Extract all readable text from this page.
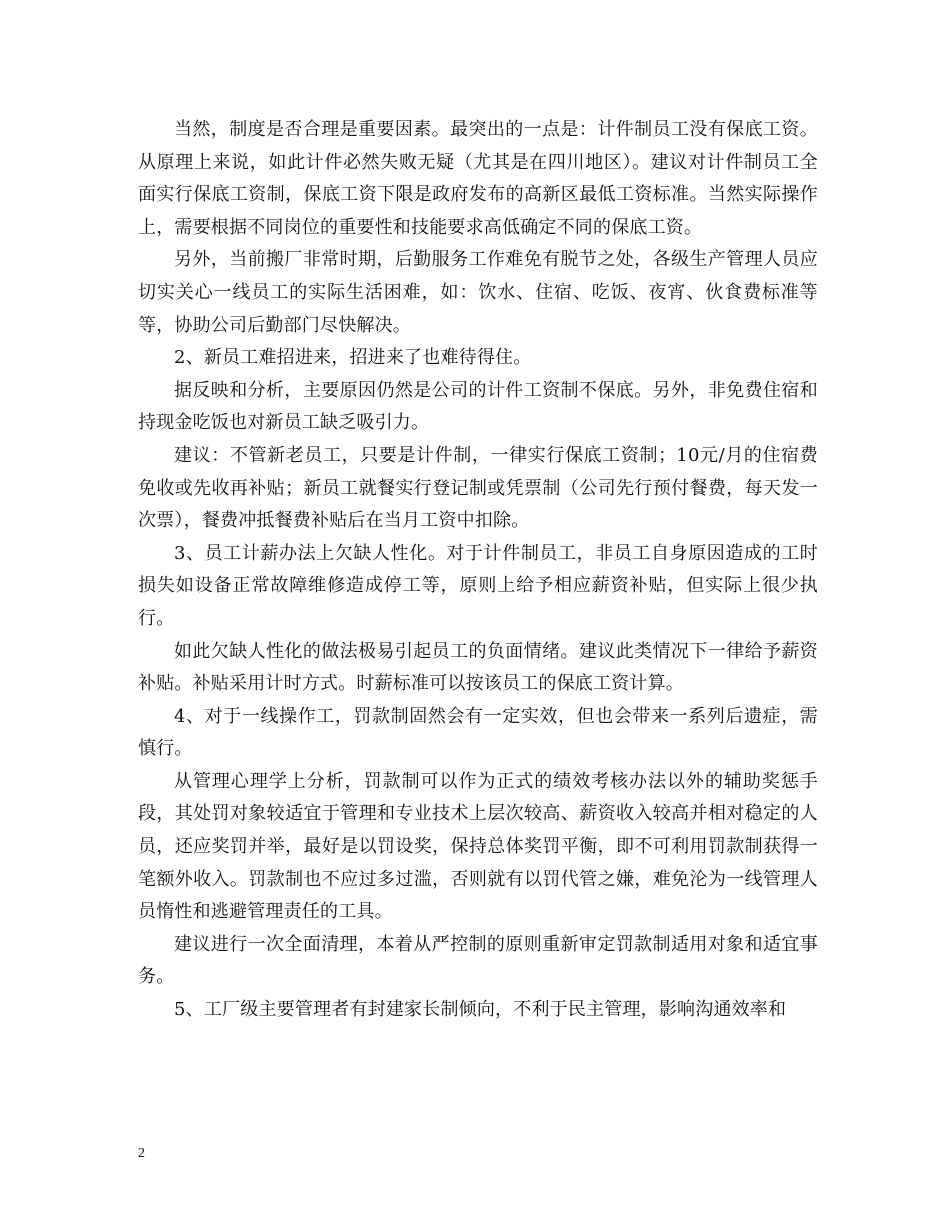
当然，制度是否合理是重要因素。最突出的一点是：计件制员工没有保底工资。从原理上来说，如此计件必然失败无疑（尤其是在四川地区）。建议对计件制员工全面实行保底工资制，保底工资下限是政府发布的高新区最低工资标准。当然实际操作上，需要根据不同岗位的重要性和技能要求高低确定不同的保底工资。

另外，当前搬厂非常时期，后勤服务工作难免有脱节之处，各级生产管理人员应切实关心一线员工的实际生活困难，如：饮水、住宿、吃饭、夜宵、伙食费标准等等，协助公司后勤部门尽快解决。

2、新员工难招进来，招进来了也难待得住。

据反映和分析，主要原因仍然是公司的计件工资制不保底。另外，非免费住宿和持现金吃饭也对新员工缺乏吸引力。

建议：不管新老员工，只要是计件制，一律实行保底工资制；10元/月的住宿费免收或先收再补贴；新员工就餐实行登记制或凭票制（公司先行预付餐费，每天发一次票），餐费冲抵餐费补贴后在当月工资中扣除。

3、员工计薪办法上欠缺人性化。对于计件制员工，非员工自身原因造成的工时损失如设备正常故障维修造成停工等，原则上给予相应薪资补贴，但实际上很少执行。

如此欠缺人性化的做法极易引起员工的负面情绪。建议此类情况下一律给予薪资补贴。补贴采用计时方式。时薪标准可以按该员工的保底工资计算。

4、对于一线操作工，罚款制固然会有一定实效，但也会带来一系列后遗症，需慎行。

从管理心理学上分析，罚款制可以作为正式的绩效考核办法以外的辅助奖惩手段，其处罚对象较适宜于管理和专业技术上层次较高、薪资收入较高并相对稳定的人员，还应奖罚并举，最好是以罚设奖，保持总体奖罚平衡，即不可利用罚款制获得一笔额外收入。罚款制也不应过多过滥，否则就有以罚代管之嫌，难免沦为一线管理人员惰性和逃避管理责任的工具。

建议进行一次全面清理，本着从严控制的原则重新审定罚款制适用对象和适宜事务。

5、工厂级主要管理者有封建家长制倾向，不利于民主管理，影响沟通效率和

2
